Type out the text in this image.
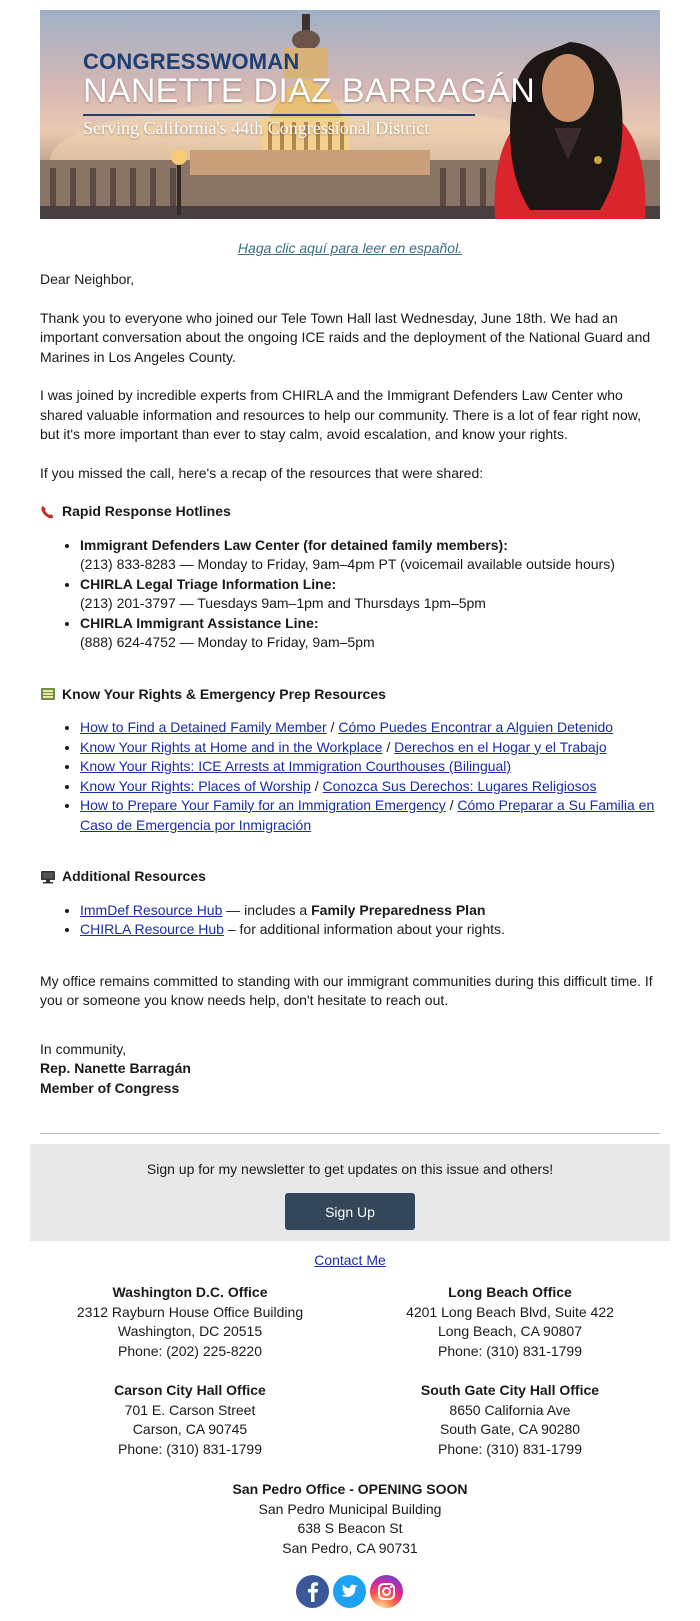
CONGRESSWOMAN
NANETTE DIAZ BARRAGÁN
Serving California's 44th Congressional District
Haga clic aquí para leer en español.

Dear Neighbor,

Thank you to everyone who joined our Tele Town Hall last Wednesday, June 18th. We had an important conversation about the ongoing ICE raids and the deployment of the National Guard and Marines in Los Angeles County.

I was joined by incredible experts from CHIRLA and the Immigrant Defenders Law Center who shared valuable information and resources to help our community. There is a lot of fear right now, but it's more important than ever to stay calm, avoid escalation, and know your rights.

If you missed the call, here's a recap of the resources that were shared:

Rapid Response Hotlines
• Immigrant Defenders Law Center (for detained family members):
(213) 833-8283 — Monday to Friday, 9am–4pm PT (voicemail available outside hours)
• CHIRLA Legal Triage Information Line:
(213) 201-3797 — Tuesdays 9am–1pm and Thursdays 1pm–5pm
• CHIRLA Immigrant Assistance Line:
(888) 624-4752 — Monday to Friday, 9am–5pm
Know Your Rights & Emergency Prep Resources
• How to Find a Detained Family Member / Cómo Puedes Encontrar a Alguien Detenido
• Know Your Rights at Home and in the Workplace / Derechos en el Hogar y el Trabajo
• Know Your Rights: ICE Arrests at Immigration Courthouses (Bilingual)
• Know Your Rights: Places of Worship / Conozca Sus Derechos: Lugares Religiosos
• How to Prepare Your Family for an Immigration Emergency / Cómo Preparar a Su Familia en Caso de Emergencia por Inmigración
Additional Resources
• ImmDef Resource Hub — includes a Family Preparedness Plan
• CHIRLA Resource Hub – for additional information about your rights.

My office remains committed to standing with our immigrant communities during this difficult time. If you or someone you know needs help, don't hesitate to reach out.

In community,
Rep. Nanette Barragán
Member of Congress
Sign up for my newsletter to get updates on this issue and others!
Sign Up
Contact Me
Washington D.C. Office
2312 Rayburn House Office Building
Washington, DC 20515
Phone: (202) 225-8220
Long Beach Office
4201 Long Beach Blvd, Suite 422
Long Beach, CA 90807
Phone: (310) 831-1799
Carson City Hall Office
701 E. Carson Street
Carson, CA 90745
Phone: (310) 831-1799
South Gate City Hall Office
8650 California Ave
South Gate, CA 90280
Phone: (310) 831-1799
San Pedro Office - OPENING SOON
San Pedro Municipal Building
638 S Beacon St
San Pedro, CA 90731
